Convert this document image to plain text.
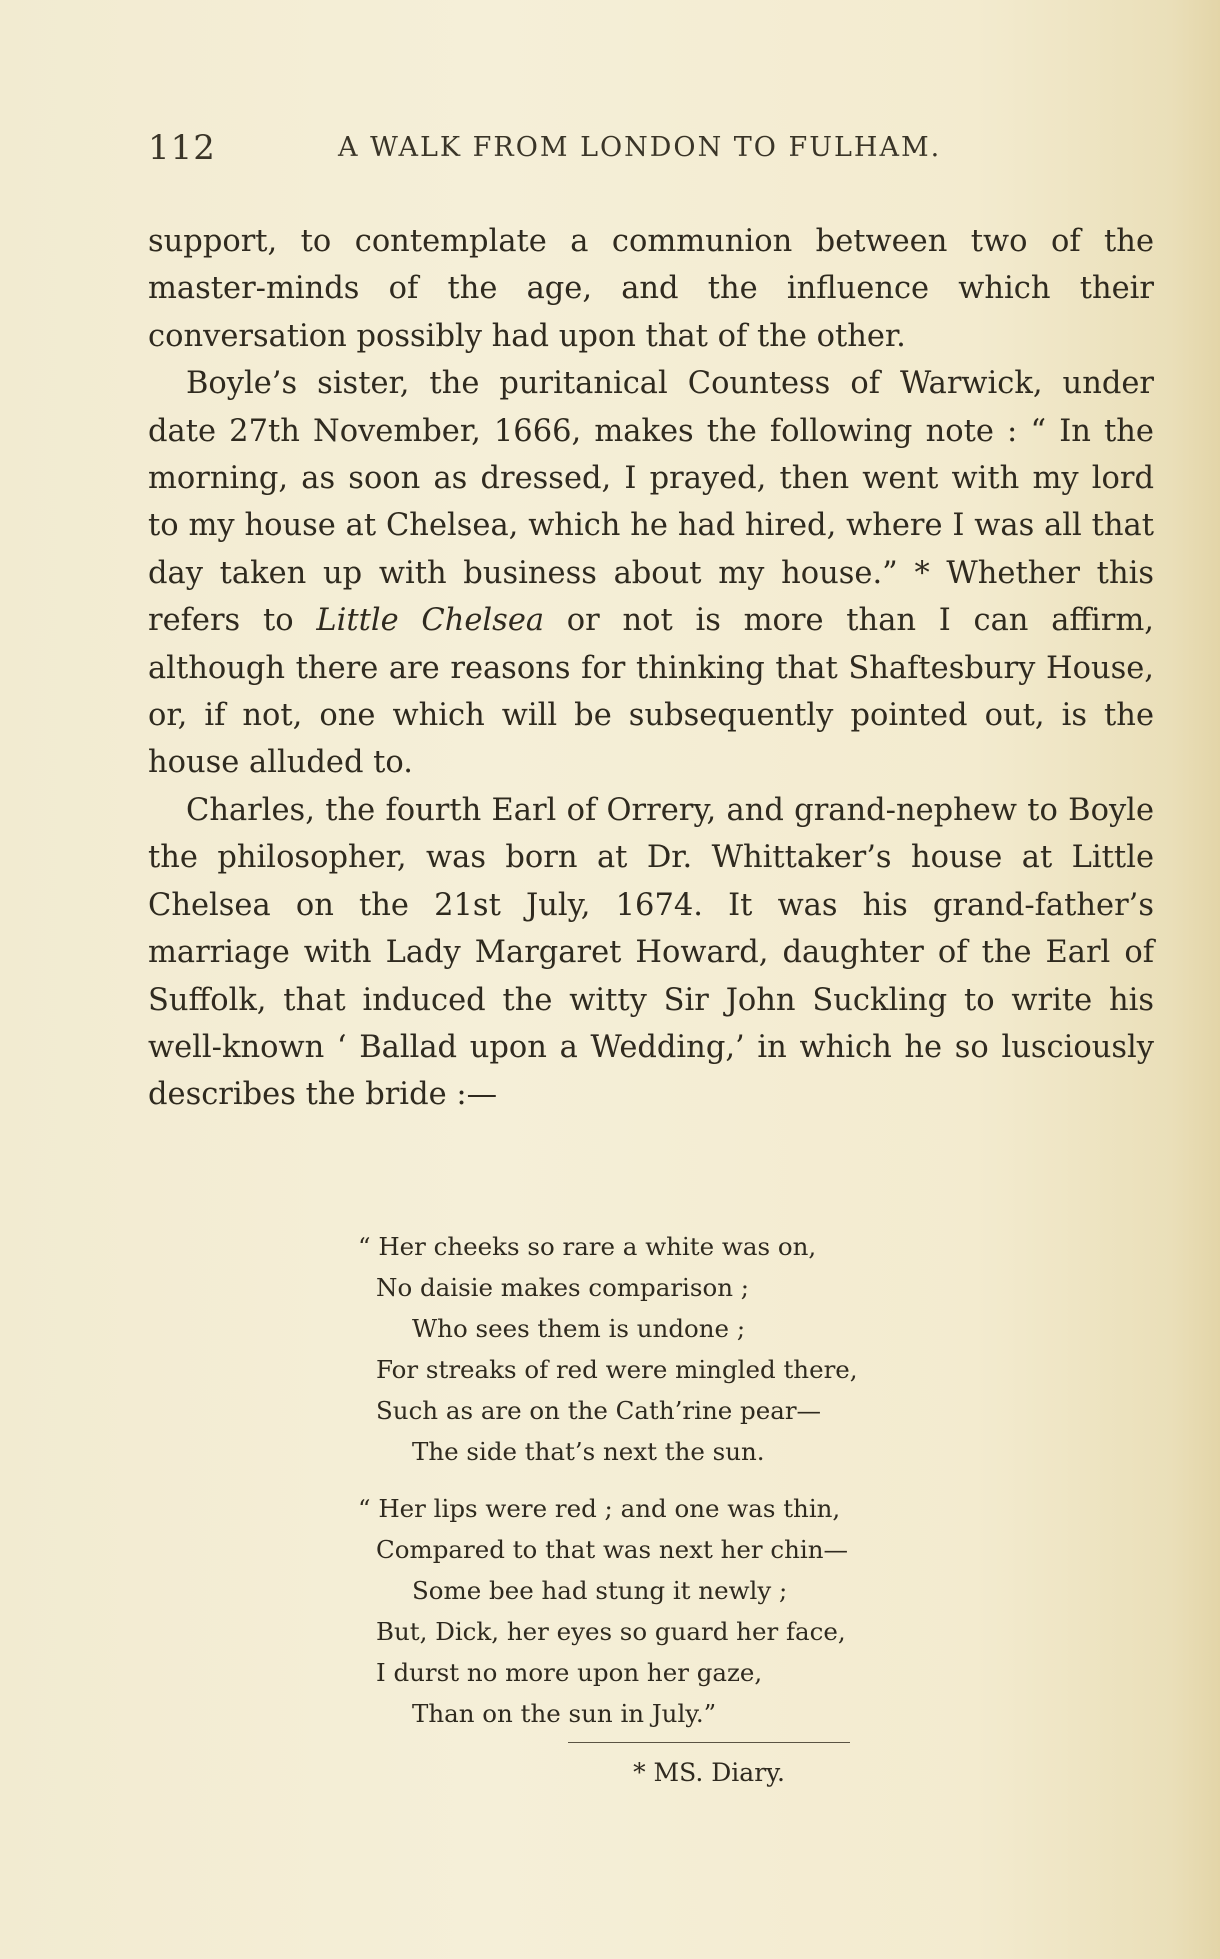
112	A WALK FROM LONDON TO FULHAM.

support, to contemplate a communion between two of the master-minds of the age, and the influence which their conversation possibly had upon that of the other.

Boyle’s sister, the puritanical Countess of Warwick, under date 27th November, 1666, makes the following note : “ In the morning, as soon as dressed, I prayed, then went with my lord to my house at Chelsea, which he had hired, where I was all that day taken up with business about my house.” * Whether this refers to Little Chelsea or not is more than I can affirm, although there are reasons for thinking that Shaftesbury House, or, if not, one which will be subsequently pointed out, is the house alluded to.

Charles, the fourth Earl of Orrery, and grand-nephew to Boyle the philosopher, was born at Dr. Whittaker’s house at Little Chelsea on the 21st July, 1674. It was his grand-father’s marriage with Lady Margaret Howard, daughter of the Earl of Suffolk, that induced the witty Sir John Suckling to write his well-known ‘ Ballad upon a Wedding,’ in which he so lusciously describes the bride :—

“ Her cheeks so rare a white was on,
No daisie makes comparison ;
Who sees them is undone ;
For streaks of red were mingled there,
Such as are on the Cath’rine pear—
The side that’s next the sun.
“ Her lips were red ; and one was thin,
Compared to that was next her chin—
Some bee had stung it newly ;
But, Dick, her eyes so guard her face,
I durst no more upon her gaze,
Than on the sun in July.”
* MS. Diary.
